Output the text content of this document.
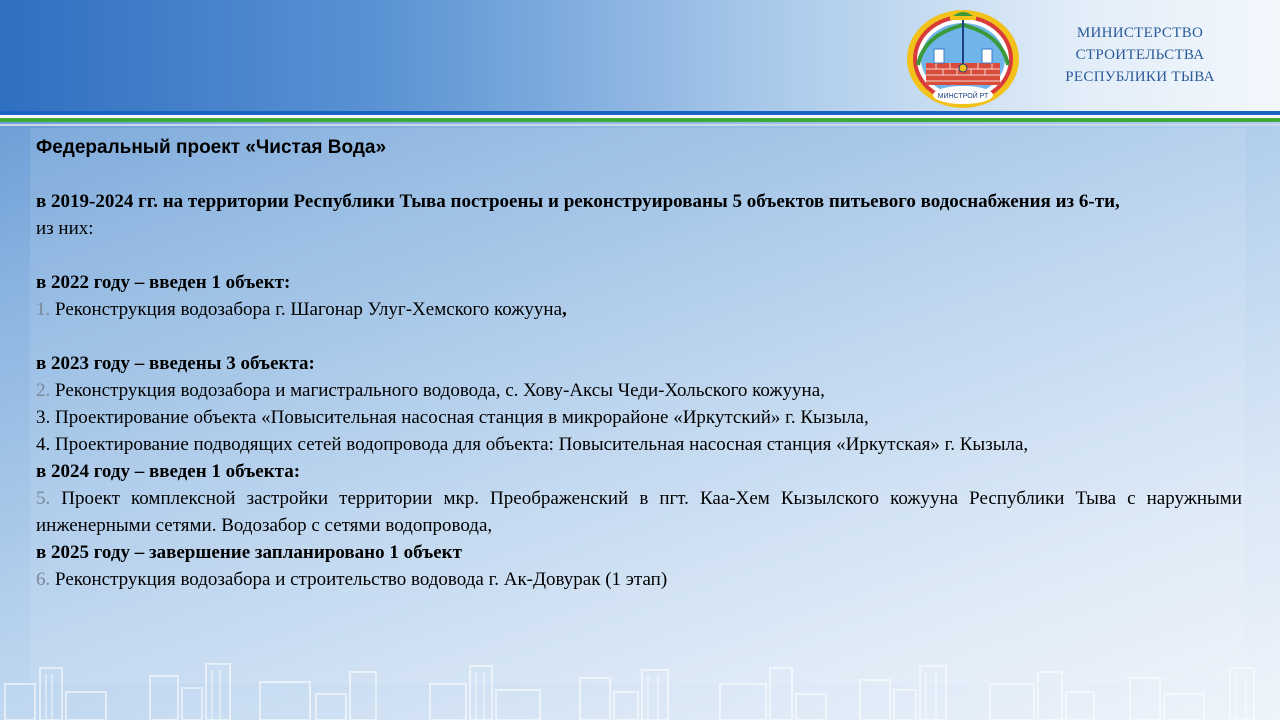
МИНСТРОЙ РТ
МИНИСТЕРСТВО
СТРОИТЕЛЬСТВА
РЕСПУБЛИКИ ТЫВА

Федеральный проект «Чистая Вода»

в 2019-2024 гг. на территории Республики Тыва построены и реконструированы 5 объектов питьевого водоснабжения из 6-ти,

из них:

в 2022 году – введен 1 объект:

1. Реконструкция водозабора г. Шагонар Улуг-Хемского кожууна,

в 2023 году – введены 3 объекта:

2. Реконструкция водозабора и магистрального водовода, с. Хову-Аксы Чеди-Хольского кожууна,

3. Проектирование объекта «Повысительная насосная станция в микрорайоне «Иркутский» г. Кызыла,

4. Проектирование подводящих сетей водопровода для объекта: Повысительная насосная станция «Иркутская» г. Кызыла,

в 2024 году – введен 1 объекта:

5. Проект комплексной застройки территории мкр. Преображенский в пгт. Каа-Хем Кызылского кожууна Республики Тыва с наружными инженерными сетями. Водозабор с сетями водопровода,

в 2025 году – завершение запланировано 1 объект

6. Реконструкция водозабора и строительство водовода г. Ак-Довурак (1 этап)
